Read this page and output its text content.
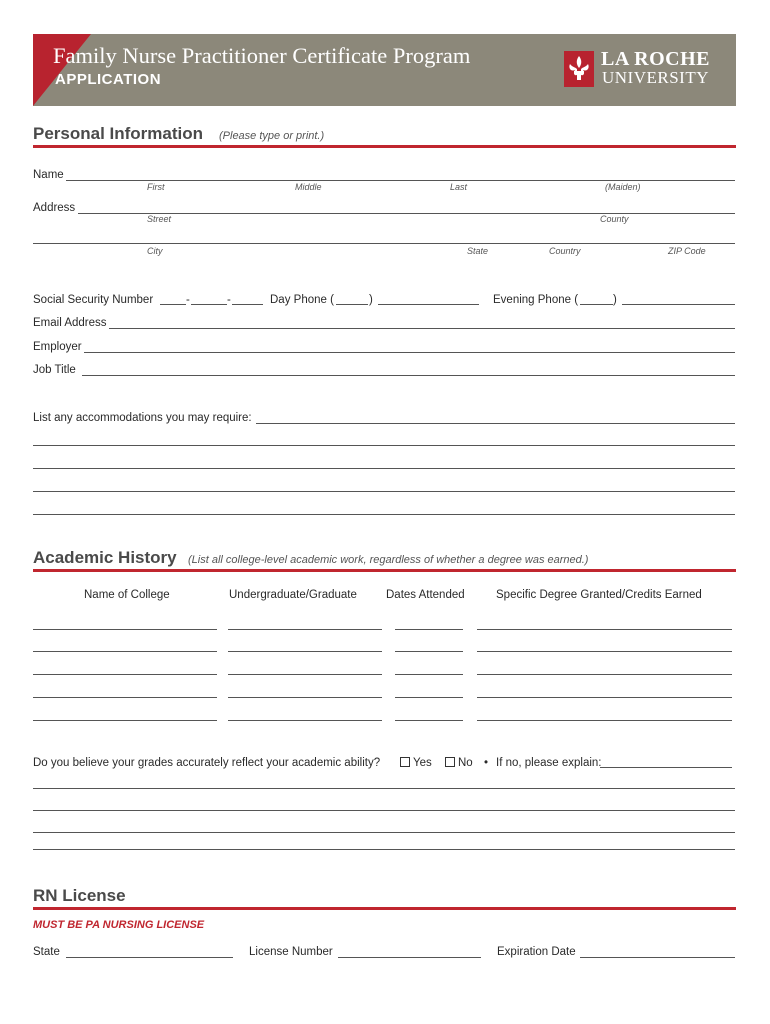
Family Nurse Practitioner Certificate Program
APPLICATION
LA ROCHE
UNIVERSITY
Personal Information (Please type or print.)
Name
First	Middle	Last	(Maiden)
Address
Street	County
City	State	Country	ZIP Code
Social Security Number	-	-	Day Phone (	)	Evening Phone (	)
Email Address
Employer
Job Title
List any accommodations you may require:
Academic History (List all college-level academic work, regardless of whether a degree was earned.)
Name of College	Undergraduate/Graduate	Dates Attended	Specific Degree Granted/Credits Earned
Do you believe your grades accurately reflect your academic ability?	Yes	No • If no, please explain:
RN License
MUST BE PA NURSING LICENSE
State	License Number	Expiration Date
